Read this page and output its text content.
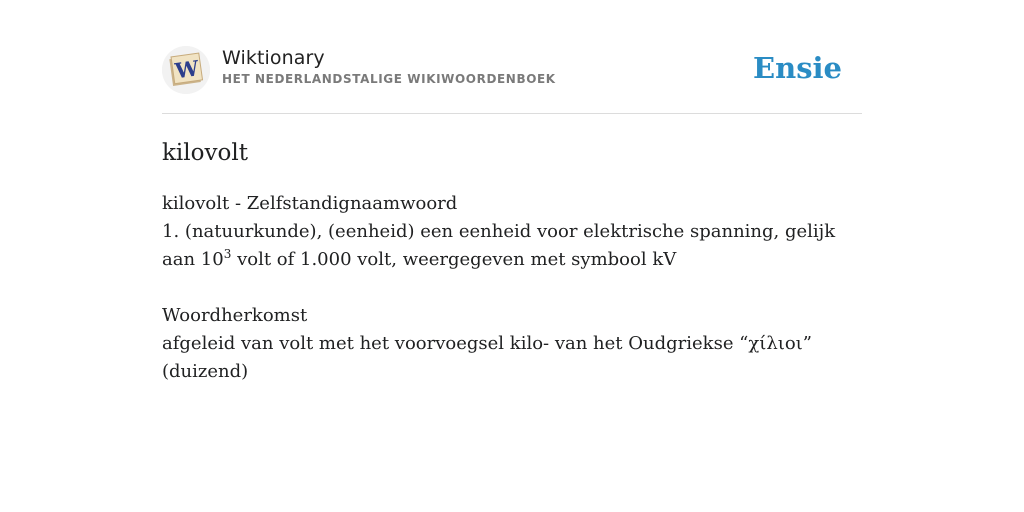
W Wiktionary
HET NEDERLANDSTALIGE WIKIWOORDENBOEK	Ensie
kilovolt

kilovolt - Zelfstandignaamwoord

1. (natuurkunde), (eenheid) een eenheid voor elektrische spanning, gelijk aan $10^3$ volt of 1.000 volt, weergegeven met symbool kV

Woordherkomst

afgeleid van volt met het voorvoegsel kilo- van het Oudgriekse “χίλιοι” (duizend)
